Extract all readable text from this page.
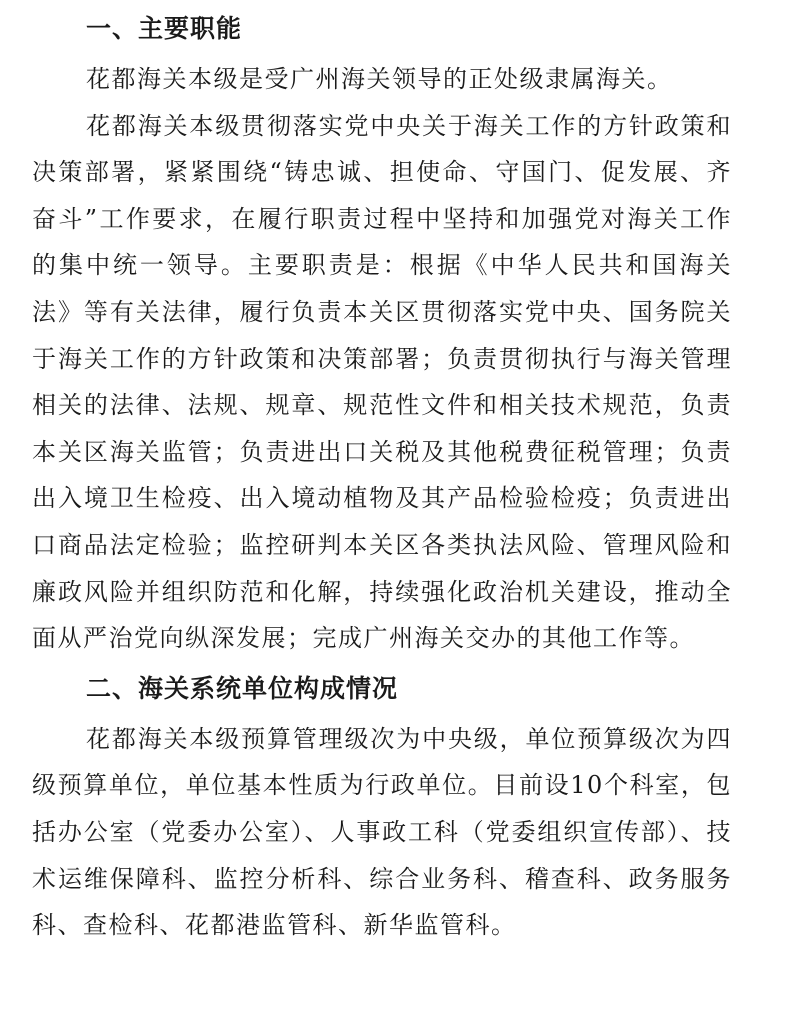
一、主要职能

花都海关本级是受广州海关领导的正处级隶属海关。

花都海关本级贯彻落实党中央关于海关工作的方针政策和决策部署，紧紧围绕“铸忠诚、担使命、守国门、促发展、齐奋斗”工作要求，在履行职责过程中坚持和加强党对海关工作的集中统一领导。主要职责是：根据《中华人民共和国海关法》等有关法律，履行负责本关区贯彻落实党中央、国务院关于海关工作的方针政策和决策部署；负责贯彻执行与海关管理相关的法律、法规、规章、规范性文件和相关技术规范，负责本关区海关监管；负责进出口关税及其他税费征税管理；负责出入境卫生检疫、出入境动植物及其产品检验检疫；负责进出口商品法定检验；监控研判本关区各类执法风险、管理风险和廉政风险并组织防范和化解，持续强化政治机关建设，推动全面从严治党向纵深发展；完成广州海关交办的其他工作等。

二、海关系统单位构成情况

花都海关本级预算管理级次为中央级，单位预算级次为四级预算单位，单位基本性质为行政单位。目前设10个科室，包括办公室（党委办公室）、人事政工科（党委组织宣传部）、技术运维保障科、监控分析科、综合业务科、稽查科、政务服务科、查检科、花都港监管科、新华监管科。
